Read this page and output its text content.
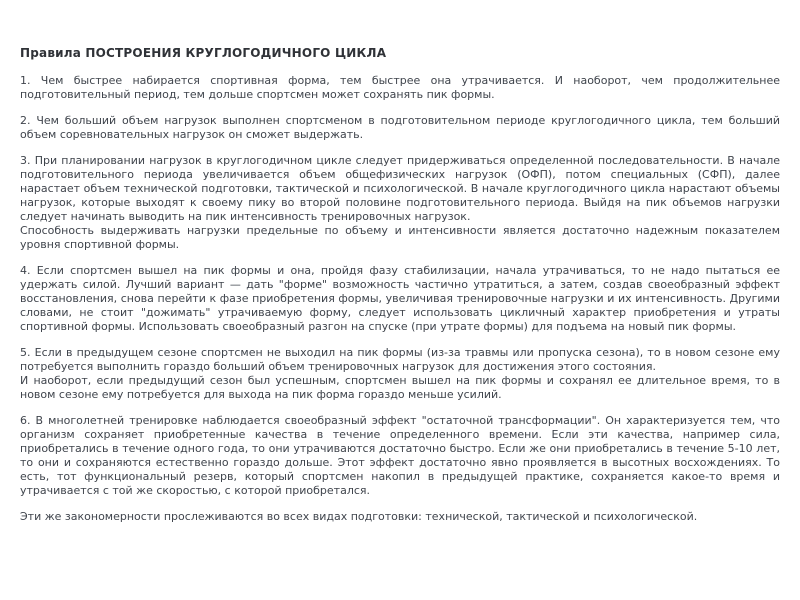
Правила ПОСТРОЕНИЯ КРУГЛОГОДИЧНОГО ЦИКЛА
1. Чем быстрее набирается спортивная форма, тем быстрее она утрачивается. И наоборот, чем продолжительнее подготовительный период, тем дольше спортсмен может сохранять пик формы.
2. Чем больший объем нагрузок выполнен спортсменом в подготовительном периоде круглогодичного цикла, тем больший объем соревновательных нагрузок он сможет выдержать.
3. При планировании нагрузок в круглогодичном цикле следует придерживаться определенной последовательности. В начале подготовительного периода увеличивается объем общефизических нагрузок (ОФП), потом специальных (СФП), далее нарастает объем технической подготовки, тактической и психологической. В начале круглогодичного цикла нарастают объемы нагрузок, которые выходят к своему пику во второй половине подготовительного периода. Выйдя на пик объемов нагрузки следует начинать выводить на пик интенсивность тренировочных нагрузок.
Способность выдерживать нагрузки предельные по объему и интенсивности является достаточно надежным показателем уровня спортивной формы.
4. Если спортсмен вышел на пик формы и она, пройдя фазу стабилизации, начала утрачиваться, то не надо пытаться ее удержать силой. Лучший вариант — дать "форме" возможность частично утратиться, а затем, создав своеобразный эффект восстановления, снова перейти к фазе приобретения формы, увеличивая тренировочные нагрузки и их интенсивность. Другими словами, не стоит "дожимать" утрачиваемую форму, следует использовать цикличный характер приобретения и утраты спортивной формы. Использовать своеобразный разгон на спуске (при утрате формы) для подъема на новый пик формы.
5. Если в предыдущем сезоне спортсмен не выходил на пик формы (из-за травмы или пропуска сезона), то в новом сезоне ему потребуется выполнить гораздо больший объем тренировочных нагрузок для достижения этого состояния.
И наоборот, если предыдущий сезон был успешным, спортсмен вышел на пик формы и сохранял ее длительное время, то в новом сезоне ему потребуется для выхода на пик форма гораздо меньше усилий.
6. В многолетней тренировке наблюдается своеобразный эффект "остаточной трансформации". Он характеризуется тем, что организм сохраняет приобретенные качества в течение определенного времени. Если эти качества, например сила, приобретались в течение одного года, то они утрачиваются достаточно быстро. Если же они приобретались в течение 5-10 лет, то они и сохраняются естественно гораздо дольше. Этот эффект достаточно явно проявляется в высотных восхождениях. То есть, тот функциональный резерв, который спортсмен накопил в предыдущей практике, сохраняется какое-то время и утрачивается с той же скоростью, с которой приобретался.
Эти же закономерности прослеживаются во всех видах подготовки: технической, тактической и психологической.
